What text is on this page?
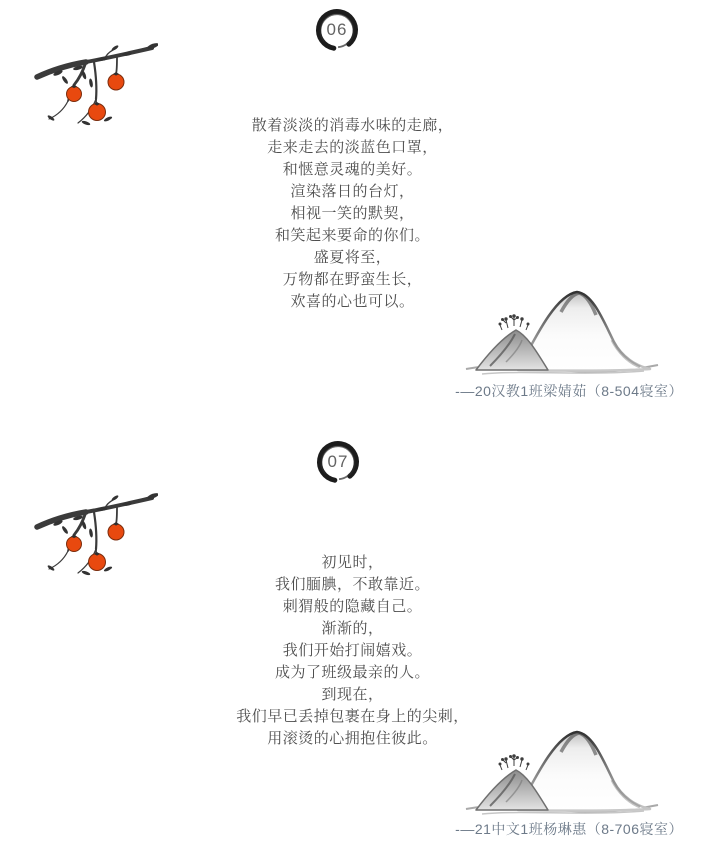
06
散着淡淡的消毒水味的走廊，
走来走去的淡蓝色口罩，
和惬意灵魂的美好。
渲染落日的台灯，
相视一笑的默契，
和笑起来要命的你们。
盛夏将至，
万物都在野蛮生长，
欢喜的心也可以。
-—20汉教1班梁婧茹（8-504寝室）
07
初见时，
我们腼腆，不敢靠近。
刺猬般的隐藏自己。
渐渐的，
我们开始打闹嬉戏。
成为了班级最亲的人。
到现在，
我们早已丢掉包裹在身上的尖刺，
用滚烫的心拥抱住彼此。
-—21中文1班杨琳惠（8-706寝室）
